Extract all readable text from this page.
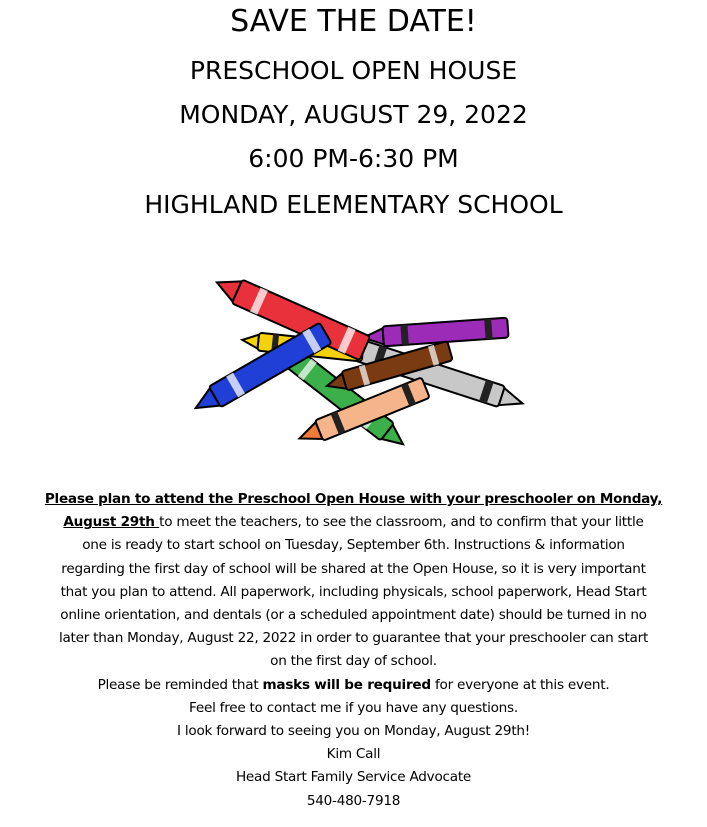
SAVE THE DATE!
PRESCHOOL OPEN HOUSE
MONDAY, AUGUST 29, 2022
6:00 PM-6:30 PM
HIGHLAND ELEMENTARY SCHOOL
Please plan to attend the Preschool Open House with your preschooler on Monday,
August 29th to meet the teachers, to see the classroom, and to confirm that your little
one is ready to start school on Tuesday, September 6th. Instructions & information
regarding the first day of school will be shared at the Open House, so it is very important
that you plan to attend. All paperwork, including physicals, school paperwork, Head Start
online orientation, and dentals (or a scheduled appointment date) should be turned in no
later than Monday, August 22, 2022 in order to guarantee that your preschooler can start
on the first day of school.
Please be reminded that masks will be required for everyone at this event.
Feel free to contact me if you have any questions.
I look forward to seeing you on Monday, August 29th!
Kim Call
Head Start Family Service Advocate
540-480-7918
